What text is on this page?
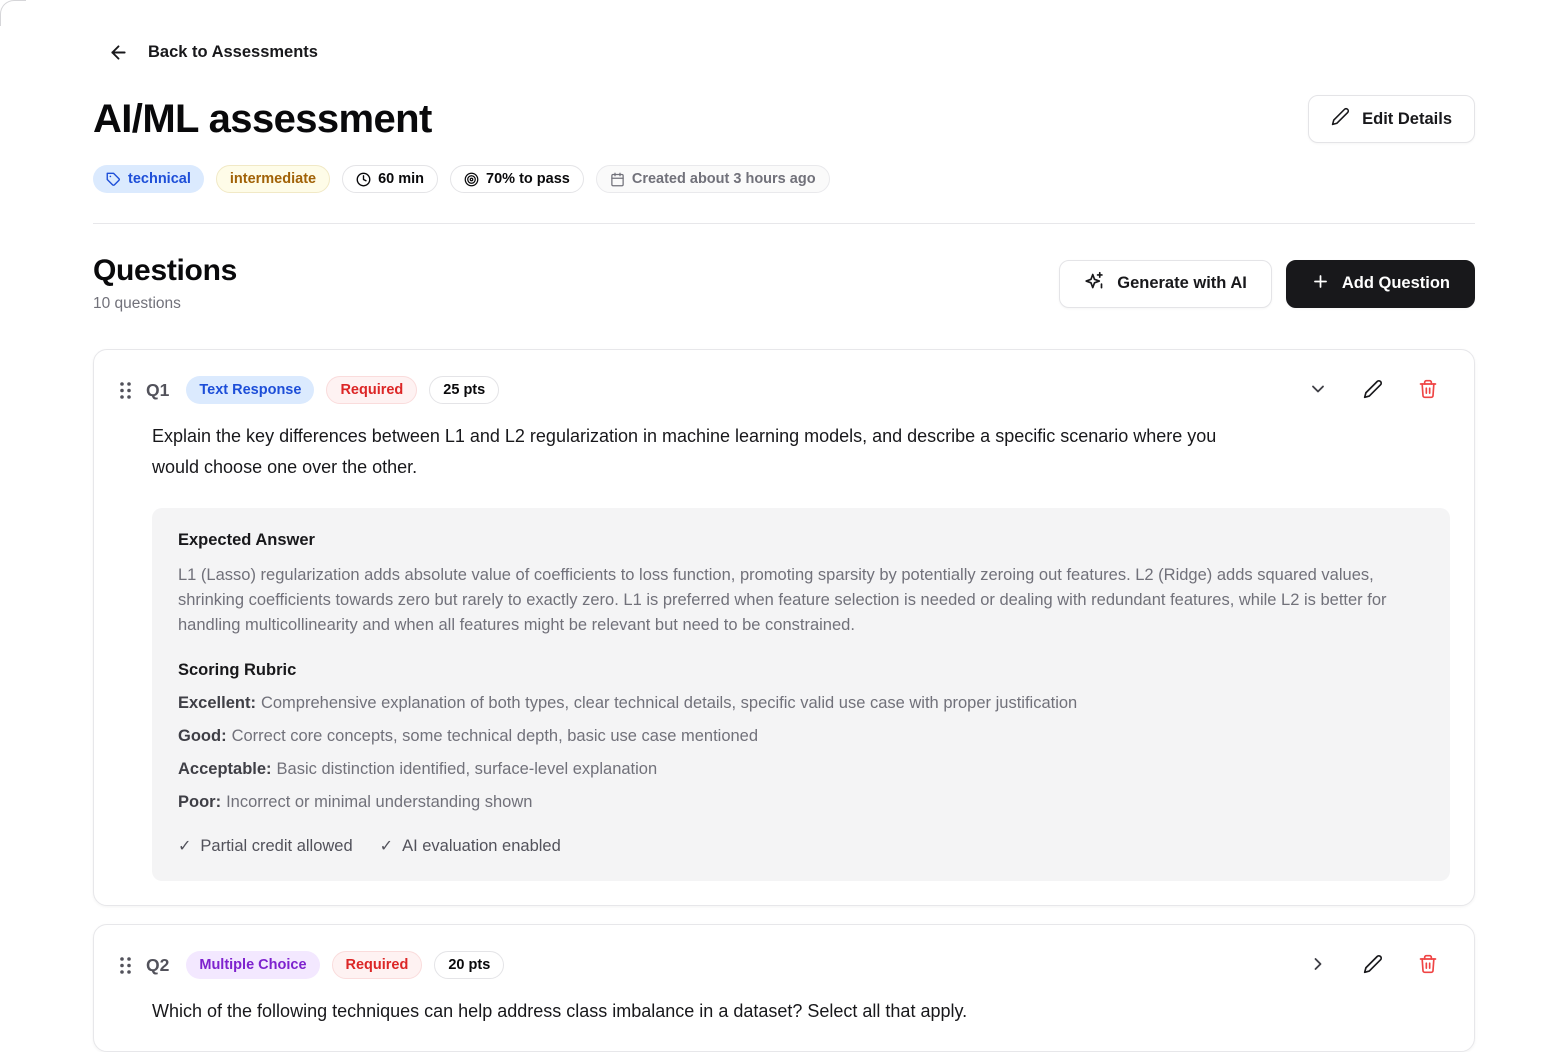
Back to Assessments
AI/ML assessment	Edit Details
technical	intermediate	60 min	70% to pass	Created about 3 hours ago
Questions
10 questions
Generate with AI	Add Question
Q1	Text Response	Required	25 pts

Explain the key differences between L1 and L2 regularization in machine learning models, and describe a specific scenario where you would choose one over the other.

Expected Answer

L1 (Lasso) regularization adds absolute value of coefficients to loss function, promoting sparsity by potentially zeroing out features. L2 (Ridge) adds squared values, shrinking coefficients towards zero but rarely to exactly zero. L1 is preferred when feature selection is needed or dealing with redundant features, while L2 is better for handling multicollinearity and when all features might be relevant but need to be constrained.

Scoring Rubric
Excellent: Comprehensive explanation of both types, clear technical details, specific valid use case with proper justification
Good: Correct core concepts, some technical depth, basic use case mentioned
Acceptable: Basic distinction identified, surface-level explanation
Poor: Incorrect or minimal understanding shown
✓ Partial credit allowed ✓ AI evaluation enabled
Q2	Multiple Choice	Required	20 pts

Which of the following techniques can help address class imbalance in a dataset? Select all that apply.
